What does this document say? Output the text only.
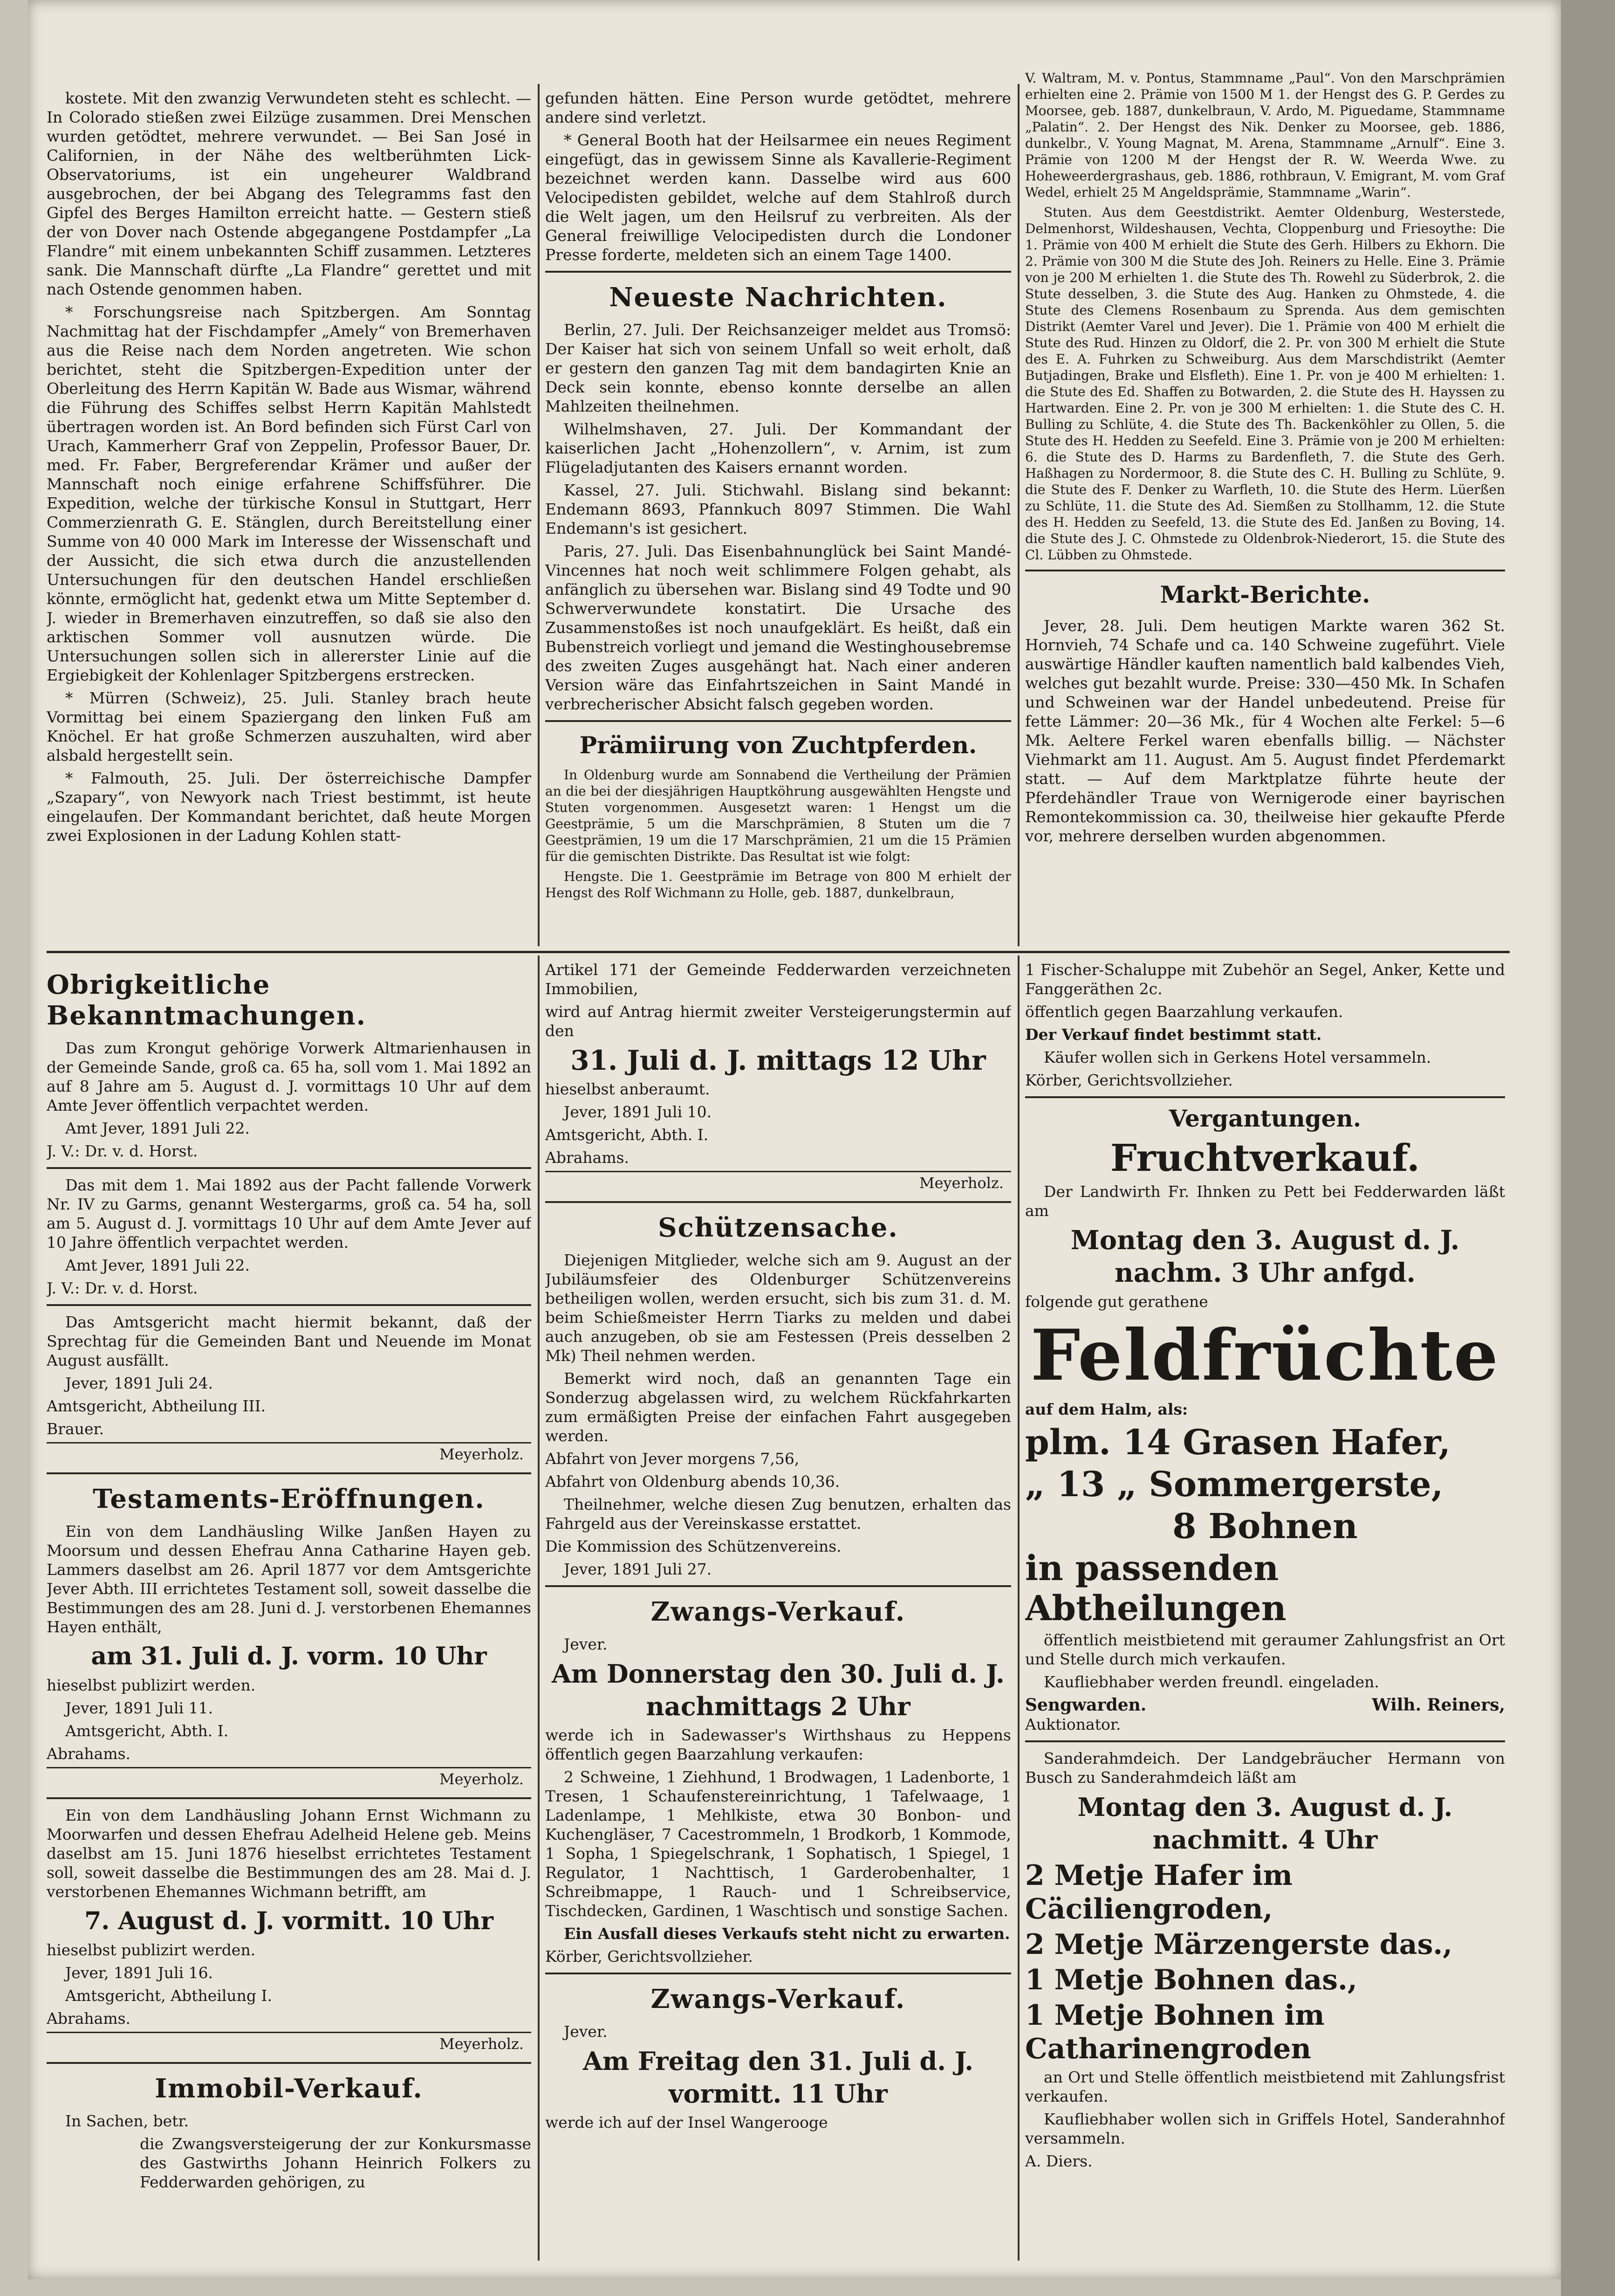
kostete. Mit den zwanzig Verwundeten steht es schlecht. — In Colorado stießen zwei Eilzüge zusammen. Drei Menschen wurden getödtet, mehrere verwundet. — Bei San José in Californien, in der Nähe des weltberühmten Lick-Observatoriums, ist ein ungeheurer Waldbrand ausgebrochen, der bei Abgang des Telegramms fast den Gipfel des Berges Hamilton erreicht hatte. — Gestern stieß der von Dover nach Ostende abgegangene Postdampfer „La Flandre“ mit einem unbekannten Schiff zusammen. Letzteres sank. Die Mannschaft dürfte „La Flandre“ gerettet und mit nach Ostende genommen haben.

* Forschungsreise nach Spitzbergen. Am Sonntag Nachmittag hat der Fischdampfer „Amely“ von Bremerhaven aus die Reise nach dem Norden angetreten. Wie schon berichtet, steht die Spitzbergen-Expedition unter der Oberleitung des Herrn Kapitän W. Bade aus Wismar, während die Führung des Schiffes selbst Herrn Kapitän Mahlstedt übertragen worden ist. An Bord befinden sich Fürst Carl von Urach, Kammerherr Graf von Zeppelin, Professor Bauer, Dr. med. Fr. Faber, Bergreferendar Krämer und außer der Mannschaft noch einige erfahrene Schiffsführer. Die Expedition, welche der türkische Konsul in Stuttgart, Herr Commerzienrath G. E. Stänglen, durch Bereitstellung einer Summe von 40 000 Mark im Interesse der Wissenschaft und der Aussicht, die sich etwa durch die anzustellenden Untersuchungen für den deutschen Handel erschließen könnte, ermöglicht hat, gedenkt etwa um Mitte September d. J. wieder in Bremerhaven einzutreffen, so daß sie also den arktischen Sommer voll ausnutzen würde. Die Untersuchungen sollen sich in allererster Linie auf die Ergiebigkeit der Kohlenlager Spitzbergens erstrecken.

* Mürren (Schweiz), 25. Juli. Stanley brach heute Vormittag bei einem Spaziergang den linken Fuß am Knöchel. Er hat große Schmerzen auszuhalten, wird aber alsbald hergestellt sein.

* Falmouth, 25. Juli. Der österreichische Dampfer „Szapary“, von Newyork nach Triest bestimmt, ist heute eingelaufen. Der Kommandant berichtet, daß heute Morgen zwei Explosionen in der Ladung Kohlen statt-

gefunden hätten. Eine Person wurde getödtet, mehrere andere sind verletzt.

* General Booth hat der Heilsarmee ein neues Regiment eingefügt, das in gewissem Sinne als Kavallerie-Regiment bezeichnet werden kann. Dasselbe wird aus 600 Velocipedisten gebildet, welche auf dem Stahlroß durch die Welt jagen, um den Heilsruf zu verbreiten. Als der General freiwillige Velocipedisten durch die Londoner Presse forderte, meldeten sich an einem Tage 1400.

Neueste Nachrichten.

Berlin, 27. Juli. Der Reichsanzeiger meldet aus Tromsö: Der Kaiser hat sich von seinem Unfall so weit erholt, daß er gestern den ganzen Tag mit dem bandagirten Knie an Deck sein konnte, ebenso konnte derselbe an allen Mahlzeiten theilnehmen.

Wilhelmshaven, 27. Juli. Der Kommandant der kaiserlichen Jacht „Hohenzollern“, v. Arnim, ist zum Flügeladjutanten des Kaisers ernannt worden.

Kassel, 27. Juli. Stichwahl. Bislang sind bekannt: Endemann 8693, Pfannkuch 8097 Stimmen. Die Wahl Endemann's ist gesichert.

Paris, 27. Juli. Das Eisenbahnunglück bei Saint Mandé-Vincennes hat noch weit schlimmere Folgen gehabt, als anfänglich zu übersehen war. Bislang sind 49 Todte und 90 Schwerverwundete konstatirt. Die Ursache des Zusammenstoßes ist noch unaufgeklärt. Es heißt, daß ein Bubenstreich vorliegt und jemand die Westinghousebremse des zweiten Zuges ausgehängt hat. Nach einer anderen Version wäre das Einfahrtszeichen in Saint Mandé in verbrecherischer Absicht falsch gegeben worden.

Prämiirung von Zuchtpferden.

In Oldenburg wurde am Sonnabend die Vertheilung der Prämien an die bei der diesjährigen Hauptköhrung ausgewählten Hengste und Stuten vorgenommen. Ausgesetzt waren: 1 Hengst um die Geestprämie, 5 um die Marschprämien, 8 Stuten um die 7 Geestprämien, 19 um die 17 Marschprämien, 21 um die 15 Prämien für die gemischten Distrikte. Das Resultat ist wie folgt:

Hengste. Die 1. Geestprämie im Betrage von 800 M erhielt der Hengst des Rolf Wichmann zu Holle, geb. 1887, dunkelbraun,

V. Waltram, M. v. Pontus, Stammname „Paul“. Von den Marschprämien erhielten eine 2. Prämie von 1500 M 1. der Hengst des G. P. Gerdes zu Moorsee, geb. 1887, dunkelbraun, V. Ardo, M. Piguedame, Stammname „Palatin“. 2. Der Hengst des Nik. Denker zu Moorsee, geb. 1886, dunkelbr., V. Young Magnat, M. Arena, Stammname „Arnulf“. Eine 3. Prämie von 1200 M der Hengst der R. W. Weerda Wwe. zu Hoheweerdergrashaus, geb. 1886, rothbraun, V. Emigrant, M. vom Graf Wedel, erhielt 25 M Angeldsprämie, Stammname „Warin“.

Stuten. Aus dem Geestdistrikt. Aemter Oldenburg, Westerstede, Delmenhorst, Wildeshausen, Vechta, Cloppenburg und Friesoythe: Die 1. Prämie von 400 M erhielt die Stute des Gerh. Hilbers zu Ekhorn. Die 2. Prämie von 300 M die Stute des Joh. Reiners zu Helle. Eine 3. Prämie von je 200 M erhielten 1. die Stute des Th. Rowehl zu Süderbrok, 2. die Stute desselben, 3. die Stute des Aug. Hanken zu Ohmstede, 4. die Stute des Clemens Rosenbaum zu Sprenda. Aus dem gemischten Distrikt (Aemter Varel und Jever). Die 1. Prämie von 400 M erhielt die Stute des Rud. Hinzen zu Oldorf, die 2. Pr. von 300 M erhielt die Stute des E. A. Fuhrken zu Schweiburg. Aus dem Marschdistrikt (Aemter Butjadingen, Brake und Elsfleth). Eine 1. Pr. von je 400 M erhielten: 1. die Stute des Ed. Shaffen zu Botwarden, 2. die Stute des H. Hayssen zu Hartwarden. Eine 2. Pr. von je 300 M erhielten: 1. die Stute des C. H. Bulling zu Schlüte, 4. die Stute des Th. Backenköhler zu Ollen, 5. die Stute des H. Hedden zu Seefeld. Eine 3. Prämie von je 200 M erhielten: 6. die Stute des D. Harms zu Bardenfleth, 7. die Stute des Gerh. Haßhagen zu Nordermoor, 8. die Stute des C. H. Bulling zu Schlüte, 9. die Stute des F. Denker zu Warfleth, 10. die Stute des Herm. Lüerßen zu Schlüte, 11. die Stute des Ad. Siemßen zu Stollhamm, 12. die Stute des H. Hedden zu Seefeld, 13. die Stute des Ed. Janßen zu Boving, 14. die Stute des J. C. Ohmstede zu Oldenbrok-Niederort, 15. die Stute des Cl. Lübben zu Ohmstede.

Markt-Berichte.

Jever, 28. Juli. Dem heutigen Markte waren 362 St. Hornvieh, 74 Schafe und ca. 140 Schweine zugeführt. Viele auswärtige Händler kauften namentlich bald kalbendes Vieh, welches gut bezahlt wurde. Preise: 330—450 Mk. In Schafen und Schweinen war der Handel unbedeutend. Preise für fette Lämmer: 20—36 Mk., für 4 Wochen alte Ferkel: 5—6 Mk. Aeltere Ferkel waren ebenfalls billig. — Nächster Viehmarkt am 11. August. Am 5. August findet Pferdemarkt statt. — Auf dem Marktplatze führte heute der Pferdehändler Traue von Wernigerode einer bayrischen Remontekommission ca. 30, theilweise hier gekaufte Pferde vor, mehrere derselben wurden abgenommen.

Obrigkeitliche Bekanntmachungen.

Das zum Krongut gehörige Vorwerk Altmarienhausen in der Gemeinde Sande, groß ca. 65 ha, soll vom 1. Mai 1892 an auf 8 Jahre am 5. August d. J. vormittags 10 Uhr auf dem Amte Jever öffentlich verpachtet werden.

Amt Jever, 1891 Juli 22.

J. V.: Dr. v. d. Horst.

Das mit dem 1. Mai 1892 aus der Pacht fallende Vorwerk Nr. IV zu Garms, genannt Westergarms, groß ca. 54 ha, soll am 5. August d. J. vormittags 10 Uhr auf dem Amte Jever auf 10 Jahre öffentlich verpachtet werden.

Amt Jever, 1891 Juli 22.

J. V.: Dr. v. d. Horst.

Das Amtsgericht macht hiermit bekannt, daß der Sprechtag für die Gemeinden Bant und Neuende im Monat August ausfällt.

Jever, 1891 Juli 24.

Amtsgericht, Abtheilung III.

Brauer.

Meyerholz.
Testaments-Eröffnungen.

Ein von dem Landhäusling Wilke Janßen Hayen zu Moorsum und dessen Ehefrau Anna Catharine Hayen geb. Lammers daselbst am 26. April 1877 vor dem Amtsgerichte Jever Abth. III errichtetes Testament soll, soweit dasselbe die Bestimmungen des am 28. Juni d. J. verstorbenen Ehemannes Hayen enthält,

am 31. Juli d. J. vorm. 10 Uhr

hieselbst publizirt werden.

Jever, 1891 Juli 11.

Amtsgericht, Abth. I.

Abrahams.

Meyerholz.

Ein von dem Landhäusling Johann Ernst Wichmann zu Moorwarfen und dessen Ehefrau Adelheid Helene geb. Meins daselbst am 15. Juni 1876 hieselbst errichtetes Testament soll, soweit dasselbe die Bestimmungen des am 28. Mai d. J. verstorbenen Ehemannes Wichmann betrifft, am

7. August d. J. vormitt. 10 Uhr

hieselbst publizirt werden.

Jever, 1891 Juli 16.

Amtsgericht, Abtheilung I.

Abrahams.

Meyerholz.
Immobil-Verkauf.

In Sachen, betr.

die Zwangsversteigerung der zur Konkursmasse des Gastwirths Johann Heinrich Folkers zu Fedderwarden gehörigen, zu

Artikel 171 der Gemeinde Fedderwarden verzeichneten Immobilien,

wird auf Antrag hiermit zweiter Versteigerungstermin auf den

31. Juli d. J. mittags 12 Uhr

hieselbst anberaumt.

Jever, 1891 Juli 10.

Amtsgericht, Abth. I.

Abrahams.

Meyerholz.
Schützensache.

Diejenigen Mitglieder, welche sich am 9. August an der Jubiläumsfeier des Oldenburger Schützenvereins betheiligen wollen, werden ersucht, sich bis zum 31. d. M. beim Schießmeister Herrn Tiarks zu melden und dabei auch anzugeben, ob sie am Festessen (Preis desselben 2 Mk) Theil nehmen werden.

Bemerkt wird noch, daß an genannten Tage ein Sonderzug abgelassen wird, zu welchem Rückfahrkarten zum ermäßigten Preise der einfachen Fahrt ausgegeben werden.

Abfahrt von Jever morgens 7,56,

Abfahrt von Oldenburg abends 10,36.

Theilnehmer, welche diesen Zug benutzen, erhalten das Fahrgeld aus der Vereinskasse erstattet.

Die Kommission des Schützenvereins.

Jever, 1891 Juli 27.

Zwangs-Verkauf.

Jever.

Am Donnerstag den 30. Juli d. J. nachmittags 2 Uhr

werde ich in Sadewasser's Wirthshaus zu Heppens öffentlich gegen Baarzahlung verkaufen:

2 Schweine, 1 Ziehhund, 1 Brodwagen, 1 Ladenborte, 1 Tresen, 1 Schaufenstereinrichtung, 1 Tafelwaage, 1 Ladenlampe, 1 Mehlkiste, etwa 30 Bonbon- und Kuchengläser, 7 Cacestrommeln, 1 Brodkorb, 1 Kommode, 1 Sopha, 1 Spiegelschrank, 1 Sophatisch, 1 Spiegel, 1 Regulator, 1 Nachttisch, 1 Garderobenhalter, 1 Schreibmappe, 1 Rauch- und 1 Schreibservice, Tischdecken, Gardinen, 1 Waschtisch und sonstige Sachen.

Ein Ausfall dieses Verkaufs steht nicht zu erwarten.

Körber, Gerichtsvollzieher.

Zwangs-Verkauf.

Jever.

Am Freitag den 31. Juli d. J. vormitt. 11 Uhr

werde ich auf der Insel Wangerooge

1 Fischer-Schaluppe mit Zubehör an Segel, Anker, Kette und Fanggeräthen 2c.

öffentlich gegen Baarzahlung verkaufen.

Der Verkauf findet bestimmt statt.

Käufer wollen sich in Gerkens Hotel versammeln.

Körber, Gerichtsvollzieher.

Vergantungen.
Fruchtverkauf.

Der Landwirth Fr. Ihnken zu Pett bei Fedderwarden läßt am

Montag den 3. August d. J. nachm. 3 Uhr anfgd.

folgende gut gerathene

Feldfrüchte

auf dem Halm, als:

plm. 14 Grasen Hafer,
„ 13 „ Sommergerste,
8 Bohnen
in passenden Abtheilungen

öffentlich meistbietend mit geraumer Zahlungsfrist an Ort und Stelle durch mich verkaufen.

Kaufliebhaber werden freundl. eingeladen.

Sengwarden.	Wilh. Reiners,

Auktionator.

Sanderahmdeich. Der Landgebräucher Hermann von Busch zu Sanderahmdeich läßt am

Montag den 3. August d. J. nachmitt. 4 Uhr
2 Metje Hafer im Cäciliengroden,
2 Metje Märzengerste das.,
1 Metje Bohnen das.,
1 Metje Bohnen im Catharinengroden

an Ort und Stelle öffentlich meistbietend mit Zahlungsfrist verkaufen.

Kaufliebhaber wollen sich in Griffels Hotel, Sanderahnhof versammeln.

A. Diers.
